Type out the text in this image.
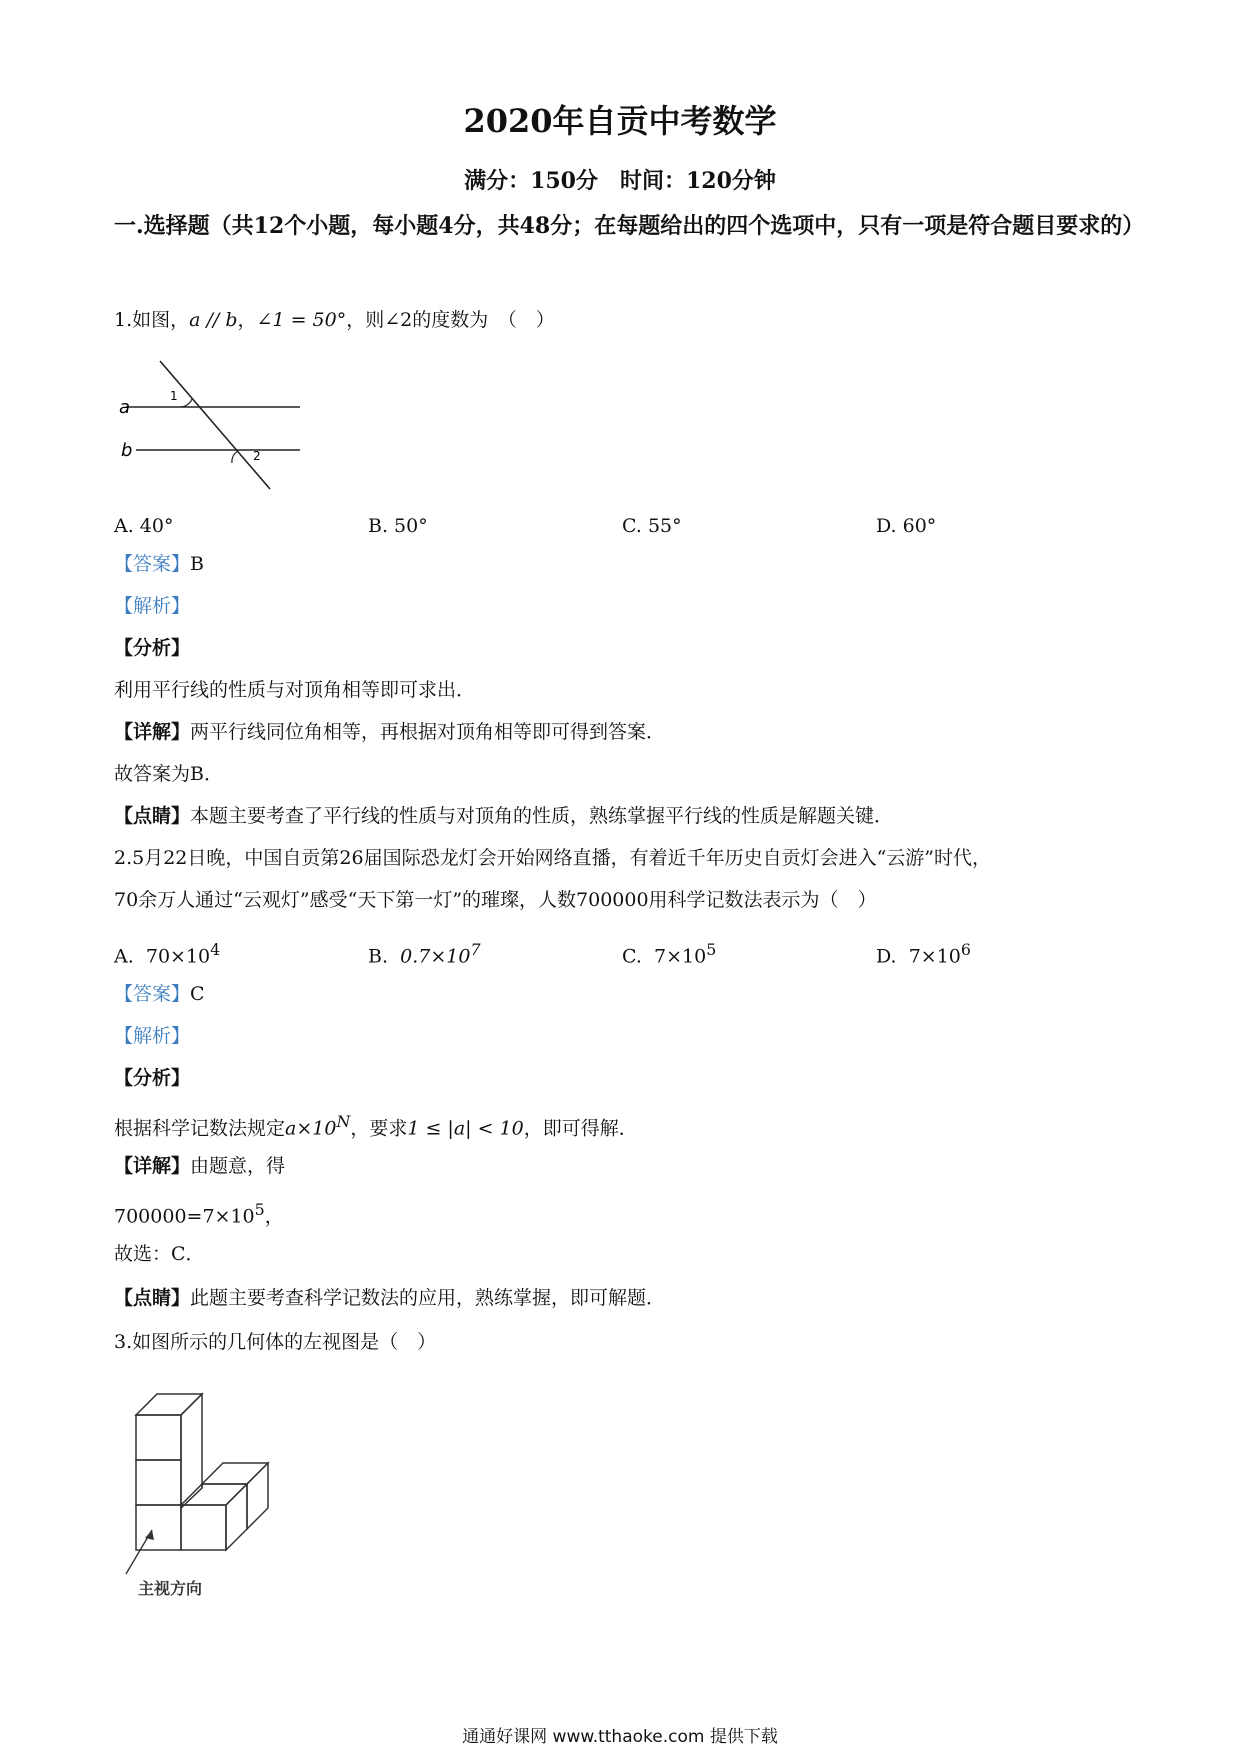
2020年自贡中考数学
满分：150分　时间：120分钟
一.选择题（共12个小题，每小题4分，共48分；在每题给出的四个选项中，只有一项是符合题目要求的）
1.如图，a // b，∠1 = 50°，则∠2的度数为　（　）
a
b
1
2
A. 40°	B. 50°	C. 55°	D. 60°
【答案】B
【解析】
【分析】
利用平行线的性质与对顶角相等即可求出．
【详解】两平行线同位角相等，再根据对顶角相等即可得到答案．
故答案为B．
【点睛】本题主要考查了平行线的性质与对顶角的性质，熟练掌握平行线的性质是解题关键．
2.5月22日晚，中国自贡第26届国际恐龙灯会开始网络直播，有着近千年历史自贡灯会进入“云游”时代，
70余万人通过“云观灯”感受“天下第一灯”的璀璨，人数700000用科学记数法表示为（　）
A. $70\times 10^4$	B. $0.7\times 10^7$	C. $7\times 10^5$	D. $7\times 10^6$
【答案】C
【解析】
【分析】
根据科学记数法规定$a\times 10^N$，要求1 ≤ |a| < 10，即可得解．
【详解】由题意，得
$700000=7\times 10^5$，
故选：C．
【点睛】此题主要考查科学记数法的应用，熟练掌握，即可解题．
3.如图所示的几何体的左视图是（　）
主视方向
通通好课网 www.tthaoke.com 提供下载
